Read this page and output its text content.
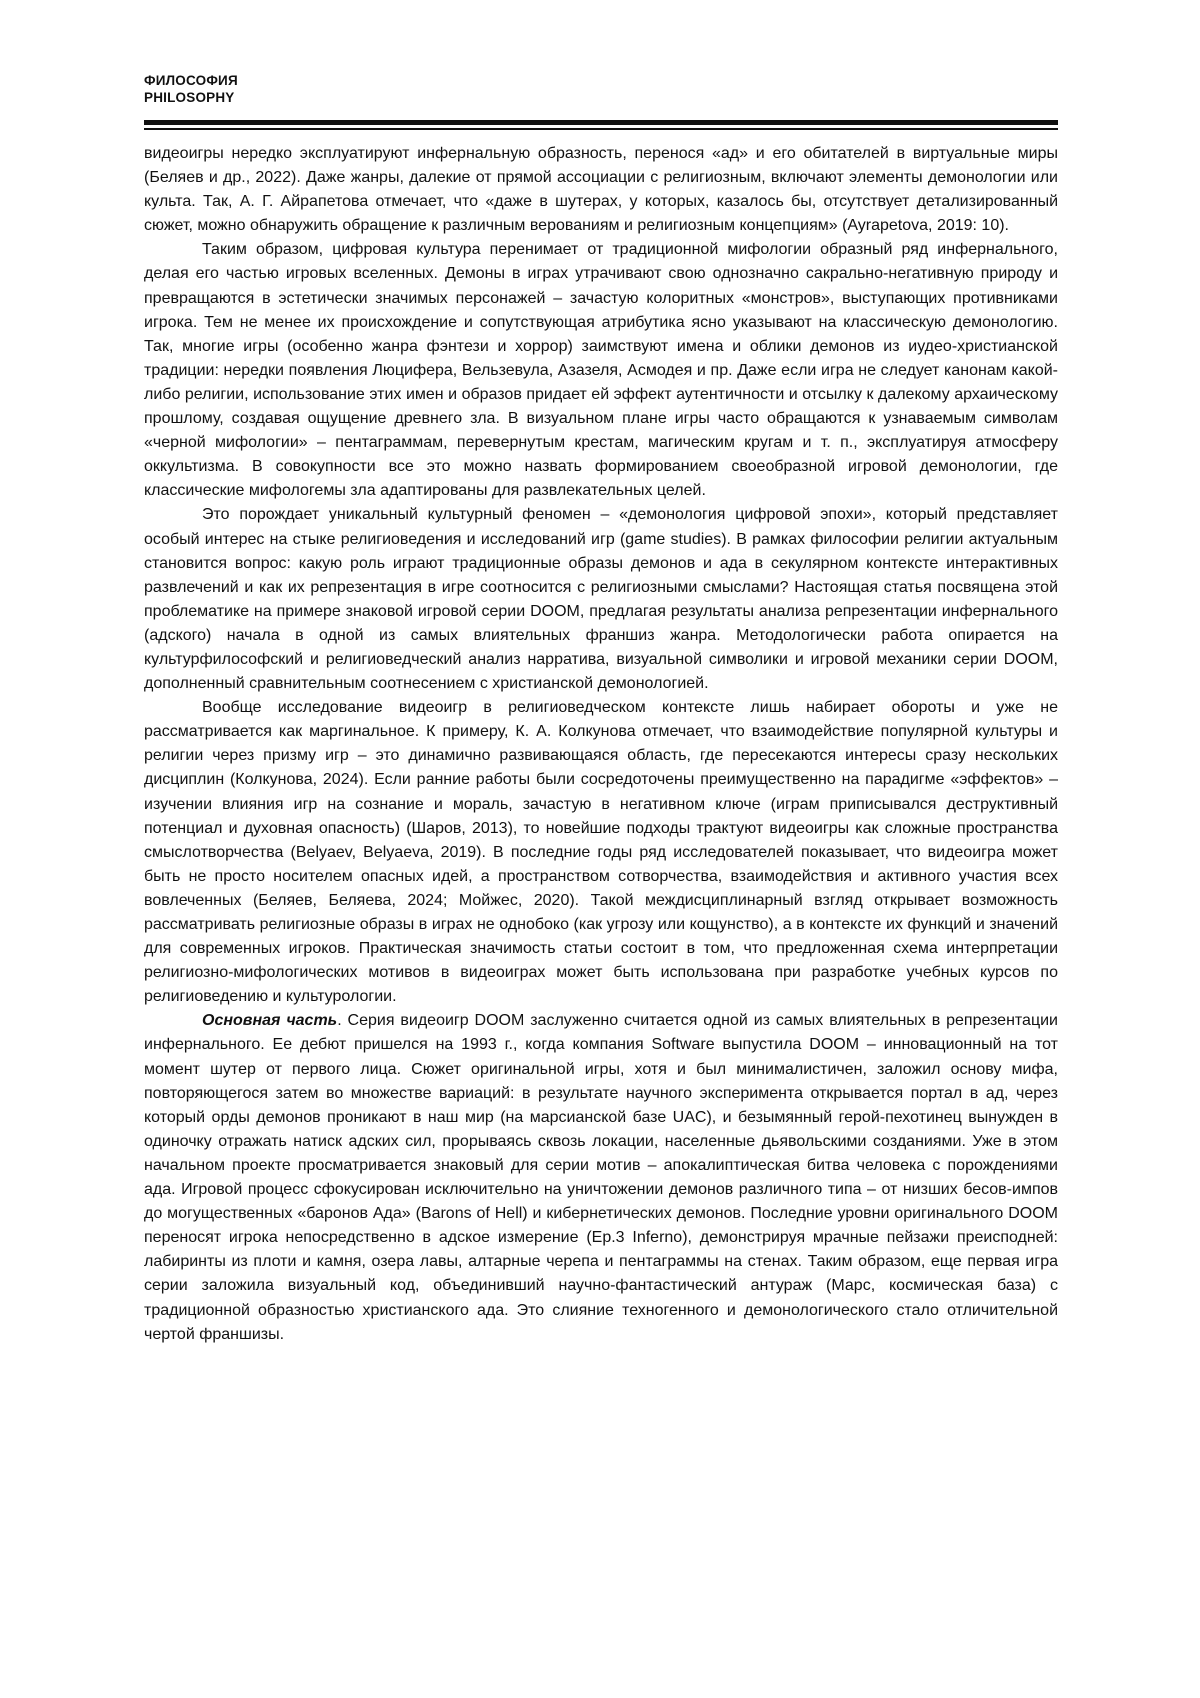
ФИЛОСОФИЯ
PHILOSOPHY

видеоигры нередко эксплуатируют инфернальную образность, перенося «ад» и его обитателей в виртуальные миры (Беляев и др., 2022). Даже жанры, далекие от прямой ассоциации с религиозным, включают элементы демонологии или культа. Так, А. Г. Айрапетова отмечает, что «даже в шутерах, у которых, казалось бы, отсутствует детализированный сюжет, можно обнаружить обращение к различным верованиям и религиозным концепциям» (Ayrapetova, 2019: 10).

Таким образом, цифровая культура перенимает от традиционной мифологии образный ряд инфернального, делая его частью игровых вселенных. Демоны в играх утрачивают свою однозначно сакрально-негативную природу и превращаются в эстетически значимых персонажей – зачастую колоритных «монстров», выступающих противниками игрока. Тем не менее их происхождение и сопутствующая атрибутика ясно указывают на классическую демонологию. Так, многие игры (особенно жанра фэнтези и хоррор) заимствуют имена и облики демонов из иудео-христианской традиции: нередки появления Люцифера, Вельзевула, Азазеля, Асмодея и пр. Даже если игра не следует канонам какой-либо религии, использование этих имен и образов придает ей эффект аутентичности и отсылку к далекому архаическому прошлому, создавая ощущение древнего зла. В визуальном плане игры часто обращаются к узнаваемым символам «черной мифологии» – пентаграммам, перевернутым крестам, магическим кругам и т. п., эксплуатируя атмосферу оккультизма. В совокупности все это можно назвать формированием своеобразной игровой демонологии, где классические мифологемы зла адаптированы для развлекательных целей.

Это порождает уникальный культурный феномен – «демонология цифровой эпохи», который представляет особый интерес на стыке религиоведения и исследований игр (game studies). В рамках философии религии актуальным становится вопрос: какую роль играют традиционные образы демонов и ада в секулярном контексте интерактивных развлечений и как их репрезентация в игре соотносится с религиозными смыслами? Настоящая статья посвящена этой проблематике на примере знаковой игровой серии DOOM, предлагая результаты анализа репрезентации инфернального (адского) начала в одной из самых влиятельных франшиз жанра. Методологически работа опирается на культурфилософский и религиоведческий анализ нарратива, визуальной символики и игровой механики серии DOOM, дополненный сравнительным соотнесением с христианской демонологией.

Вообще исследование видеоигр в религиоведческом контексте лишь набирает обороты и уже не рассматривается как маргинальное. К примеру, К. А. Колкунова отмечает, что взаимодействие популярной культуры и религии через призму игр – это динамично развивающаяся область, где пересекаются интересы сразу нескольких дисциплин (Колкунова, 2024). Если ранние работы были сосредоточены преимущественно на парадигме «эффектов» – изучении влияния игр на сознание и мораль, зачастую в негативном ключе (играм приписывался деструктивный потенциал и духовная опасность) (Шаров, 2013), то новейшие подходы трактуют видеоигры как сложные пространства смыслотворчества (Belyaev, Belyaeva, 2019). В последние годы ряд исследователей показывает, что видеоигра может быть не просто носителем опасных идей, а пространством сотворчества, взаимодействия и активного участия всех вовлеченных (Беляев, Беляева, 2024; Мойжес, 2020). Такой междисциплинарный взгляд открывает возможность рассматривать религиозные образы в играх не однобоко (как угрозу или кощунство), а в контексте их функций и значений для современных игроков. Практическая значимость статьи состоит в том, что предложенная схема интерпретации религиозно-мифологических мотивов в видеоиграх может быть использована при разработке учебных курсов по религиоведению и культурологии.

Основная часть. Серия видеоигр DOOM заслуженно считается одной из самых влиятельных в репрезентации инфернального. Ее дебют пришелся на 1993 г., когда компания Software выпустила DOOM – инновационный на тот момент шутер от первого лица. Сюжет оригинальной игры, хотя и был минималистичен, заложил основу мифа, повторяющегося затем во множестве вариаций: в результате научного эксперимента открывается портал в ад, через который орды демонов проникают в наш мир (на марсианской базе UAC), и безымянный герой-пехотинец вынужден в одиночку отражать натиск адских сил, прорываясь сквозь локации, населенные дьявольскими созданиями. Уже в этом начальном проекте просматривается знаковый для серии мотив – апокалиптическая битва человека с порождениями ада. Игровой процесс сфокусирован исключительно на уничтожении демонов различного типа – от низших бесов-импов до могущественных «баронов Ада» (Barons of Hell) и кибернетических демонов. Последние уровни оригинального DOOM переносят игрока непосредственно в адское измерение (Ep.3 Inferno), демонстрируя мрачные пейзажи преисподней: лабиринты из плоти и камня, озера лавы, алтарные черепа и пентаграммы на стенах. Таким образом, еще первая игра серии заложила визуальный код, объединивший научно-фантастический антураж (Марс, космическая база) с традиционной образностью христианского ада. Это слияние техногенного и демонологического стало отличительной чертой франшизы.
